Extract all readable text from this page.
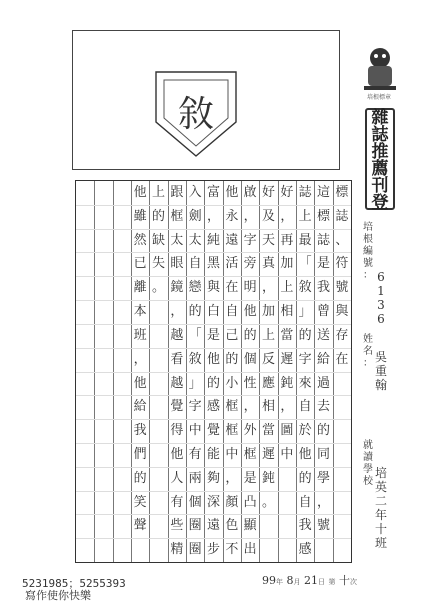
敘	培根標章
雜
誌
推
薦
刊
登
培
根
編
號
： 6
1
3
6
姓
名
： 吳
重
翰
就
讀
學
校
培
英
二
年
十
班
標
誌
、
符
號
與
存
在
這
標
誌
是
我
曾
送
給
過
去
的
同
學
，
號
誌
上
最
「
敘
」
的
字
來
自
於
他
的
自
我
感
好
，
再
加
上
相
當
遲
鈍
，
圖
中
好
及
天
真
，
加
上
反
應
相
當
遲
鈍
。
啟
，
字
旁
明
他
的
個
性
，
外
框
是
凸
顯
出
他
永
遠
活
在
自
己
的
小
框
框
中
，
顏
色
不
富
，
純
黑
與
白
是
他
的
感
覺
能
夠
深
遠
步
入
劍
太
自
戀
的
「
敘
」
字
中
有
兩
個
圈
圈
跟
框
太
眼
鏡
，
越
看
越
覺
得
他
人
有
些
精
上
的
缺
失
。
他
雖
然
已
離
本
班
，
他
給
我
們
的
笑
聲
99年 8月 21日 第 十次
5231985；5255393
寫作使你快樂
